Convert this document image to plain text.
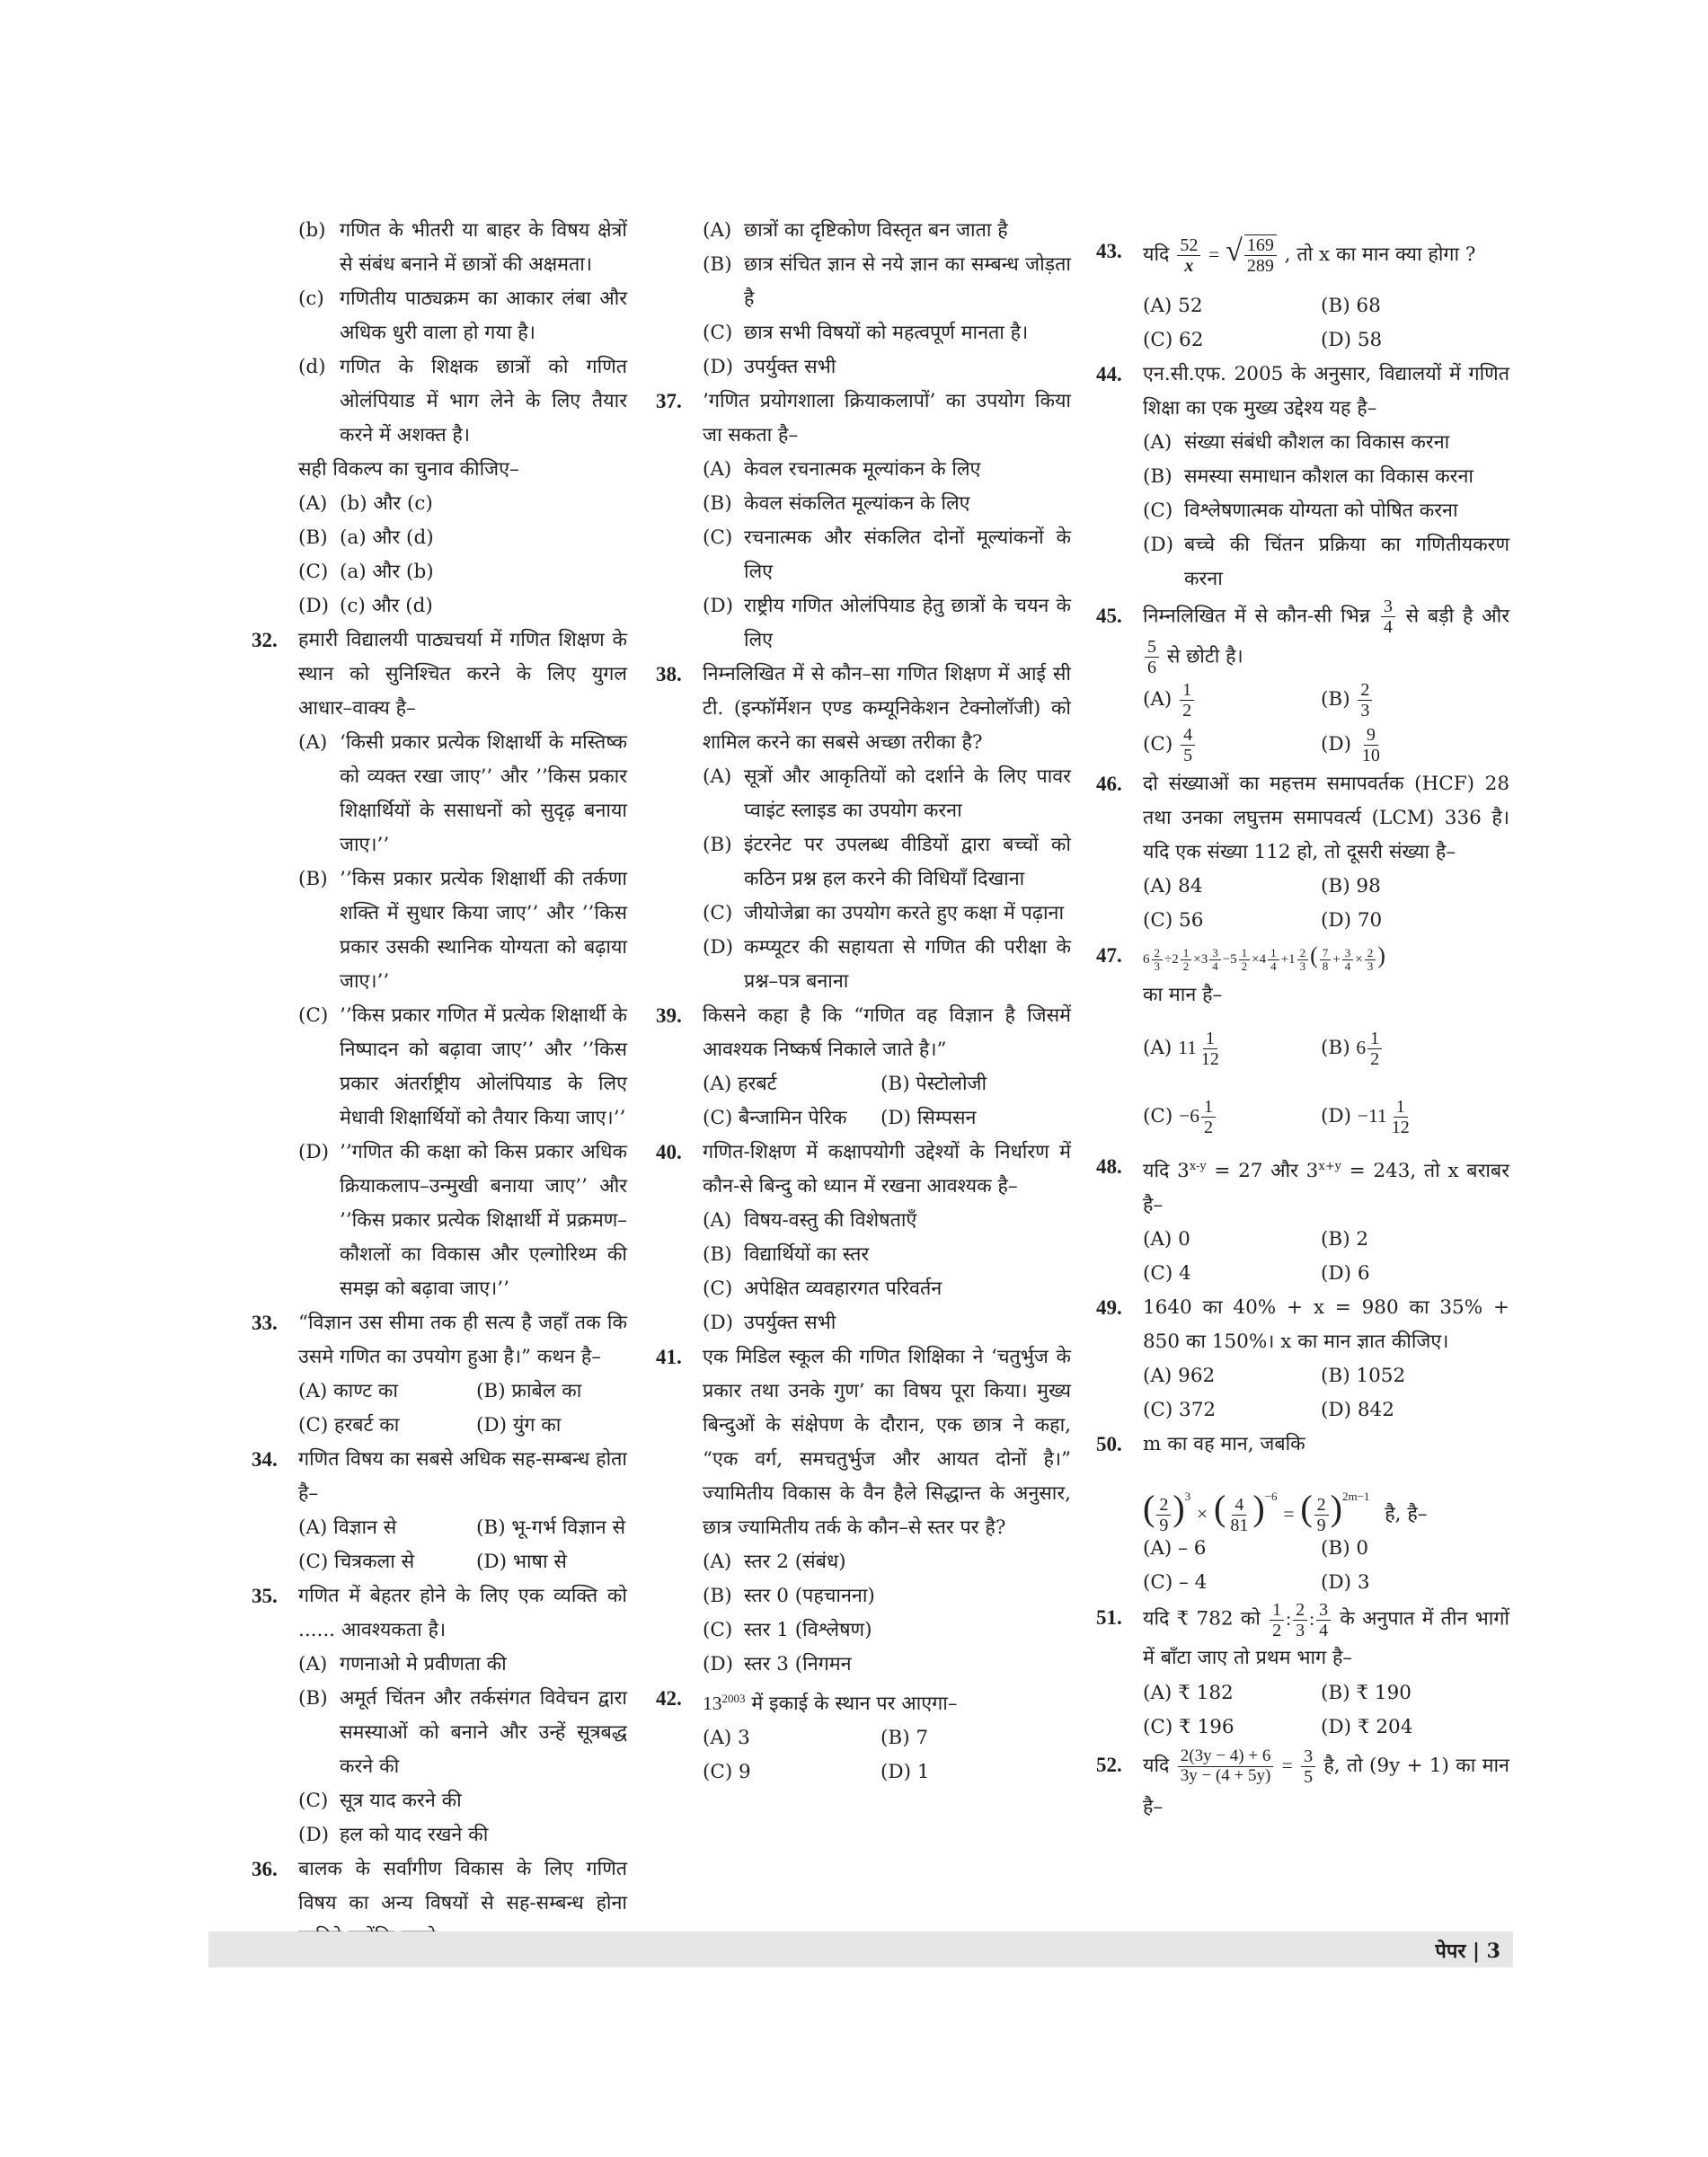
(b) गणित के भीतरी या बाहर के विषय क्षेत्रों से संबंध बनाने में छात्रों की अक्षमता।
(c) गणितीय पाठ्यक्रम का आकार लंबा और अधिक धुरी वाला हो गया है।
(d) गणित के शिक्षक छात्रों को गणित ओलंपियाड में भाग लेने के लिए तैयार करने में अशक्त है।
सही विकल्प का चुनाव कीजिए–
(A) (b) और (c)
(B) (a) और (d)
(C) (a) और (b)
(D) (c) और (d)
32. हमारी विद्यालयी पाठ्यचर्या में गणित शिक्षण के स्थान को सुनिश्चित करने के लिए युगल आधार–वाक्य है–
(A) ‘किसी प्रकार प्रत्येक शिक्षार्थी के मस्तिष्क को व्यक्त रखा जाए’’ और ’’किस प्रकार शिक्षार्थियों के ससाधनों को सुदृढ़ बनाया जाए।’’
(B) ’’किस प्रकार प्रत्येक शिक्षार्थी की तर्कणा शक्ति में सुधार किया जाए’’ और ’’किस प्रकार उसकी स्थानिक योग्यता को बढ़ाया जाए।’’
(C) ’’किस प्रकार गणित में प्रत्येक शिक्षार्थी के निष्पादन को बढ़ावा जाए’’ और ’’किस प्रकार अंतर्राष्ट्रीय ओलंपियाड के लिए मेधावी शिक्षार्थियों को तैयार किया जाए।’’
(D) ’’गणित की कक्षा को किस प्रकार अधिक क्रियाकलाप–उन्मुखी बनाया जाए’’ और ’’किस प्रकार प्रत्येक शिक्षार्थी में प्रक्रमण–कौशलों का विकास और एल्गोरिथ्म की समझ को बढ़ावा जाए।’’
33. “विज्ञान उस सीमा तक ही सत्य है जहाँ तक कि उसमे गणित का उपयोग हुआ है।” कथन है–
(A) काण्ट का	(B) फ्राबेल का
(C) हरबर्ट का	(D) युंग का
34. गणित विषय का सबसे अधिक सह-सम्बन्ध होता है–
(A) विज्ञान से	(B) भू-गर्भ विज्ञान से
(C) चित्रकला से	(D) भाषा से
35. गणित में बेहतर होने के लिए एक व्यक्ति को ...... आवश्यकता है।
(A) गणनाओ मे प्रवीणता की
(B) अमूर्त चिंतन और तर्कसंगत विवेचन द्वारा समस्याओं को बनाने और उन्हें सूत्रबद्ध करने की
(C) सूत्र याद करने की
(D) हल को याद रखने की
36. बालक के सर्वांगीण विकास के लिए गणित विषय का अन्य विषयों से सह-सम्बन्ध होना
(A) छात्रों का दृष्टिकोण विस्तृत बन जाता है
(B) छात्र संचित ज्ञान से नये ज्ञान का सम्बन्ध जोड़ता है
(C) छात्र सभी विषयों को महत्वपूर्ण मानता है।
(D) उपर्युक्त सभी
37. ’गणित प्रयोगशाला क्रियाकलापों’ का उपयोग किया जा सकता है–
(A) केवल रचनात्मक मूल्यांकन के लिए
(B) केवल संकलित मूल्यांकन के लिए
(C) रचनात्मक और संकलित दोनों मूल्यांकनों के लिए
(D) राष्ट्रीय गणित ओलंपियाड हेतु छात्रों के चयन के लिए
38. निम्नलिखित में से कौन–सा गणित शिक्षण में आई सी टी. (इन्फॉर्मेशन एण्ड कम्यूनिकेशन टेक्नोलॉजी) को शामिल करने का सबसे अच्छा तरीका है?
(A) सूत्रों और आकृतियों को दर्शाने के लिए पावर प्वाइंट स्लाइड का उपयोग करना
(B) इंटरनेट पर उपलब्ध वीडियों द्वारा बच्चों को कठिन प्रश्न हल करने की विधियाँ दिखाना
(C) जीयोजेब्रा का उपयोग करते हुए कक्षा में पढ़ाना
(D) कम्प्यूटर की सहायता से गणित की परीक्षा के प्रश्न–पत्र बनाना
39. किसने कहा है कि “गणित वह विज्ञान है जिसमें आवश्यक निष्कर्ष निकाले जाते है।”
(A) हरबर्ट	(B) पेस्टोलोजी
(C) बैन्जामिन पेरिक (D) सिम्पसन
40. गणित-शिक्षण में कक्षापयोगी उद्देश्यों के निर्धारण में कौन-से बिन्दु को ध्यान में रखना आवश्यक है–
(A) विषय-वस्तु की विशेषताएँ
(B) विद्यार्थियों का स्तर
(C) अपेक्षित व्यवहारगत परिवर्तन
(D) उपर्युक्त सभी
41. एक मिडिल स्कूल की गणित शिक्षिका ने ‘चतुर्भुज के प्रकार तथा उनके गुण’ का विषय पूरा किया। मुख्य बिन्दुओं के संक्षेपण के दौरान, एक छात्र ने कहा, “एक वर्ग, समचतुर्भुज और आयत दोनों है।” ज्यामितीय विकास के वैन हैले सिद्धान्त के अनुसार, छात्र ज्यामितीय तर्क के कौन–से स्तर पर है?
(A) स्तर 2 (संबंध)
(B) स्तर 0 (पहचानना)
(C) स्तर 1 (विश्लेषण)
(D) स्तर 3 (निगमन
42. $13^{2003}$ में इकाई के स्थान पर आएगा–
(A) 3	(B) 7
(C) 9	(D) 1
43. यदि $\frac{52}{x}$ = √ $\frac{169}{289}$ , तो x का मान क्या होगा ?
(A) 52	(B) 68
(C) 62	(D) 58
44. एन.सी.एफ. 2005 के अनुसार, विद्यालयों में गणित शिक्षा का एक मुख्य उद्देश्य यह है–
(A) संख्या संबंधी कौशल का विकास करना
(B) समस्या समाधान कौशल का विकास करना
(C) विश्लेषणात्मक योग्यता को पोषित करना
(D) बच्चे की चिंतन प्रक्रिया का गणितीयकरण करना
45. निम्नलिखित में से कौन-सी भिन्न $\frac{3}{4}$ से बड़ी है और
$\frac{5}{6}$ से छोटी है।
$(A) \frac{1}{2}$	$(B) \frac{2}{3}$
$(C) \frac{4}{5}$	$(D) \frac{9}{10}$
46. दो संख्याओं का महत्तम समापवर्तक (HCF) 28 तथा उनका लघुत्तम समापवर्त्य (LCM) 336 है। यदि एक संख्या 112 हो, तो दूसरी संख्या है–
(A) 84	(B) 98
(C) 56	(D) 70
47. $6 \frac{2}{3} \div 2 \frac{1}{2} \times 3 \frac{3}{4} -5 \frac{1}{2} \times 4 \frac{1}{4} +1 \frac{2}{3}$ ( $\frac{7}{8} + \frac{3}{4} \times \frac{2}{3}$ )
का मान है–
(A) $11 \frac{1}{12}$	(B) $6 \frac{1}{2}$
$(C) -6 \frac{1}{2}$	$(D) -11 \frac{1}{12}$
48. यदि $3^{x-y} = 27$ और $3^{x+y} = 243$, तो x बराबर है–
(A) 0	(B) 2
(C) 4	(D) 6
49. 1640 का 40% + x = 980 का 35% + 850 का 150%। x का मान ज्ञात कीजिए।
(A) 962	(B) 1052
(C) 372	(D) 842
50. m का वह मान, जबकि
( $\frac{2}{9} )^3$ × ( $\frac{4}{81} )^{-6}$ = ( $\frac{2}{9} )^{2m-1}$ है, है–
(A) – 6	(B) 0
(C) – 4	(D) 3
51. यदि ₹ 782 को $\frac{1}{2}$ : $\frac{2}{3}$ : $\frac{3}{4}$ के अनुपात में तीन भागों में बाँटा जाए तो प्रथम भाग है–
(A) ₹ 182	(B) ₹ 190
(C) ₹ 196	(D) ₹ 204
52. यदि $\frac{2(3y - 4) + 6}{3y - (4 + 5y)} = \frac{3}{5}$ है, तो (9y + 1) का मान है–
पेपर | 3
